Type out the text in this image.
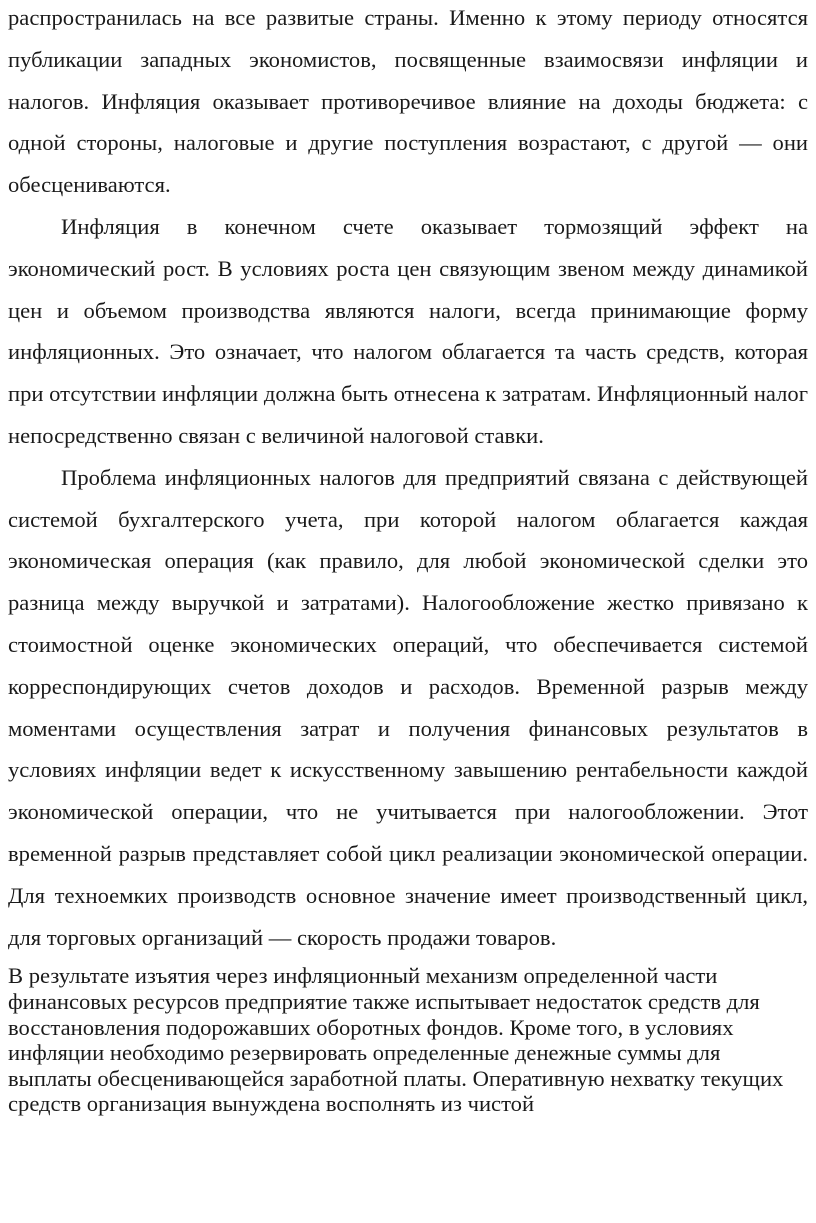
распространилась на все развитые страны. Именно к этому периоду относятся публикации западных экономистов, посвященные взаимосвязи инфляции и налогов. Инфляция оказывает противоречивое влияние на доходы бюджета: с одной стороны, налоговые и другие поступления возрастают, с другой — они обесцениваются.

Инфляция в конечном счете оказывает тормозящий эффект на экономический рост. В условиях роста цен связующим звеном между динамикой цен и объемом производства являются налоги, всегда принимающие форму инфляционных. Это означает, что налогом облагается та часть средств, которая при отсутствии инфляции должна быть отнесена к затратам. Инфляционный налог непосредственно связан с величиной налоговой ставки.

Проблема инфляционных налогов для предприятий связана с действующей системой бухгалтерского учета, при которой налогом облагается каждая экономическая операция (как правило, для любой экономической сделки это разница между выручкой и затратами). Налогообложение жестко привязано к стоимостной оценке экономических операций, что обеспечивается системой корреспондирующих счетов доходов и расходов. Временной разрыв между моментами осуществления затрат и получения финансовых результатов в условиях инфляции ведет к искусственному завышению рентабельности каждой экономической операции, что не учитывается при налогообложении. Этот временной разрыв представляет собой цикл реализации экономической операции. Для техноемких производств основное значение имеет производственный цикл, для торговых организаций — скорость продажи товаров.

В результате изъятия через инфляционный механизм определенной части финансовых ресурсов предприятие также испытывает недостаток средств для восстановления подорожавших оборотных фондов. Кроме того, в условиях инфляции необходимо резервировать определенные денежные суммы для выплаты обесценивающейся заработной платы. Оперативную нехватку текущих средств организация вынуждена восполнять из чистой
